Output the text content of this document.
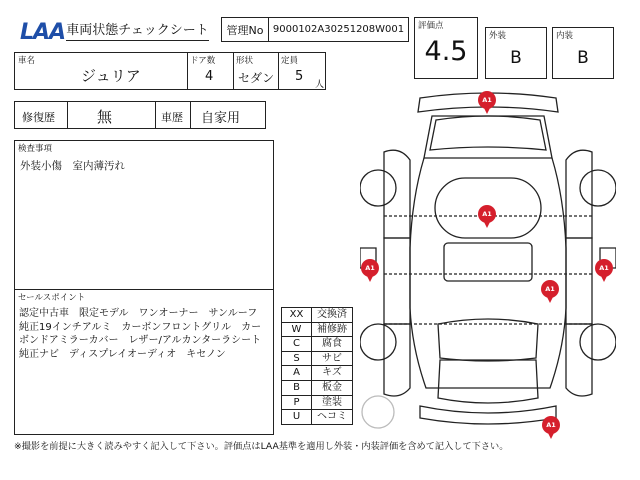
LAA 車両状態チェックシート 管理No 9000102A30251208W001 評価点
4.5	外装
B
内装
B
車名
ジュリア
ドア数
4
形状
セダン
定員
5
人
修復歴	無	車歴 自家用
検査事項
外装小傷　室内薄汚れ
セールスポイント
認定中古車　限定モデル　ワンオーナー　サンルーフ　純正19インチアルミ　カーボンフロントグリル　カーボンドアミラーカバー　レザー/アルカンターラシート　純正ナビ　ディスプレイオーディオ　キセノン
XX	交換済
W	補修跡
C	腐食
S	サビ
A	キズ
B	板金
P	塗装
U	ヘコミ
A1
A1
A1	A1
A1
A1
※撮影を前提に大きく読みやすく記入して下さい。評価点はLAA基準を適用し外装・内装評価を含めて記入して下さい。
